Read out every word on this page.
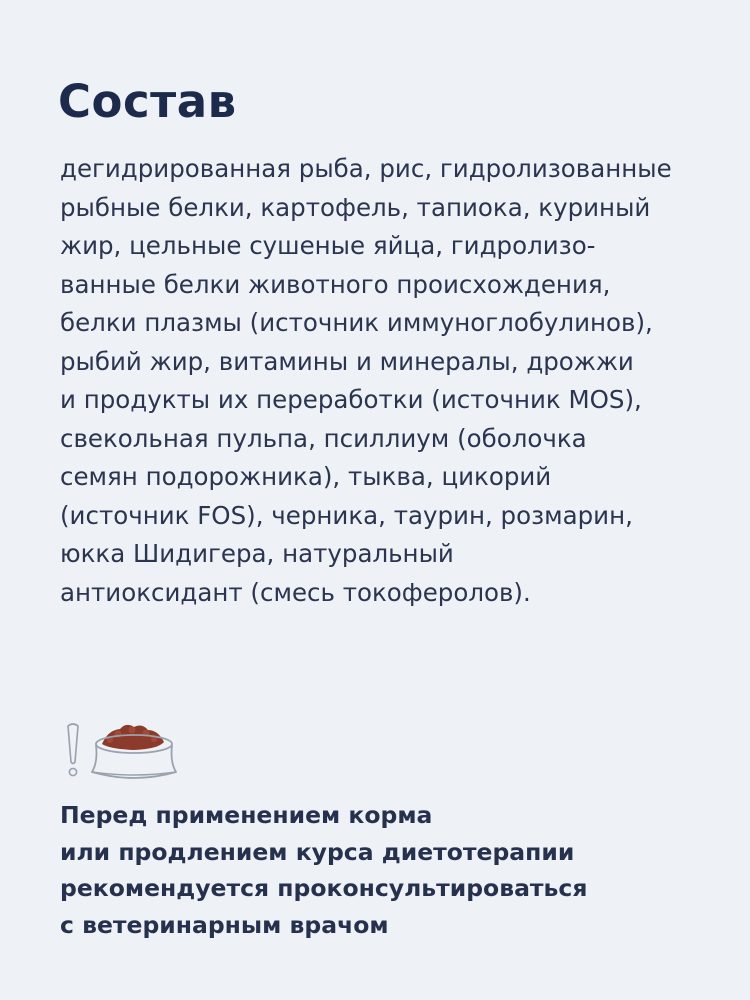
Состав
дегидрированная рыба, рис, гидролизованные
рыбные белки, картофель, тапиока, куриный
жир, цельные сушеные яйца, гидролизо-
ванные белки животного происхождения,
белки плазмы (источник иммуноглобулинов),
рыбий жир, витамины и минералы, дрожжи
и продукты их переработки (источник MOS),
свекольная пульпа, псиллиум (оболочка
семян подорожника), тыква, цикорий
(источник FOS), черника, таурин, розмарин,
юкка Шидигера, натуральный
антиоксидант (смесь токоферолов).
Перед применением корма
или продлением курса диетотерапии
рекомендуется проконсультироваться
с ветеринарным врачом
